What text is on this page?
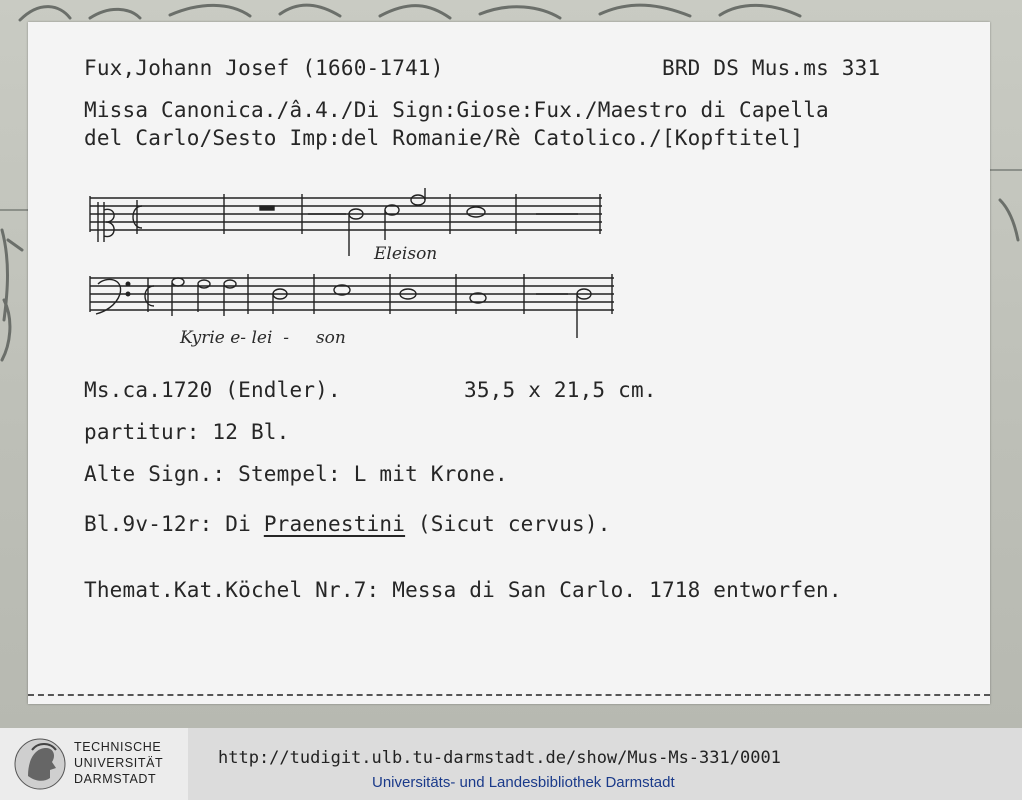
Fux,Johann Josef (1660-1741)	BRD DS Mus.ms 331
Missa Canonica./â.4./Di Sign:Giose:Fux./Maestro di Capella
del Carlo/Sesto Imp:del Romanie/Rè Catolico./[Kopftitel]
Eleison
Kyrie e- lei  -     son
Ms.ca.1720 (Endler).	35,5 x 21,5 cm.
partitur: 12 Bl.
Alte Sign.: Stempel: L mit Krone.
Bl.9v-12r: Di Praenestini (Sicut cervus).
Themat.Kat.Köchel Nr.7: Messa di San Carlo. 1718 entworfen.
TECHNISCHE
UNIVERSITÄT
DARMSTADT
http://tudigit.ulb.tu-darmstadt.de/show/Mus-Ms-331/0001
Universitäts- und Landesbibliothek Darmstadt
